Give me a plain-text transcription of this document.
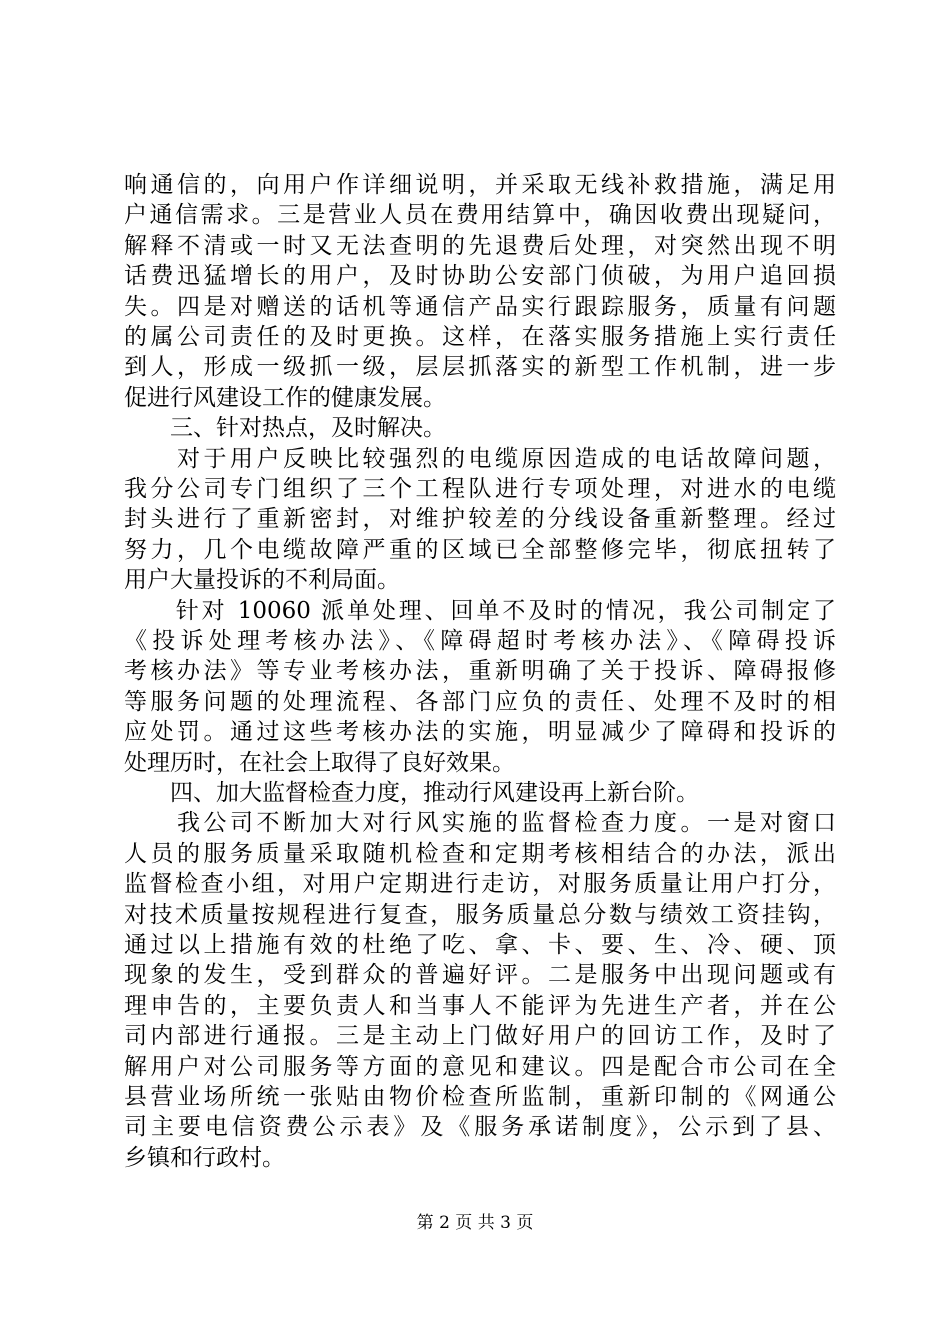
响通信的，向用户作详细说明，并采取无线补救措施，满足用
户通信需求。三是营业人员在费用结算中，确因收费出现疑问，
解释不清或一时又无法查明的先退费后处理，对突然出现不明
话费迅猛增长的用户，及时协助公安部门侦破，为用户追回损
失。四是对赠送的话机等通信产品实行跟踪服务，质量有问题
的属公司责任的及时更换。这样，在落实服务措施上实行责任
到人，形成一级抓一级，层层抓落实的新型工作机制，进一步
促进行风建设工作的健康发展。
　　三、针对热点，及时解决。
　　对于用户反映比较强烈的电缆原因造成的电话故障问题，
我分公司专门组织了三个工程队进行专项处理，对进水的电缆
封头进行了重新密封，对维护较差的分线设备重新整理。经过
努力，几个电缆故障严重的区域已全部整修完毕，彻底扭转了
用户大量投诉的不利局面。
　　针对 10060 派单处理、回单不及时的情况，我公司制定了
《投诉处理考核办法》、《障碍超时考核办法》、《障碍投诉
考核办法》等专业考核办法，重新明确了关于投诉、障碍报修
等服务问题的处理流程、各部门应负的责任、处理不及时的相
应处罚。通过这些考核办法的实施，明显减少了障碍和投诉的
处理历时，在社会上取得了良好效果。
　　四、加大监督检查力度，推动行风建设再上新台阶。
　　我公司不断加大对行风实施的监督检查力度。一是对窗口
人员的服务质量采取随机检查和定期考核相结合的办法，派出
监督检查小组，对用户定期进行走访，对服务质量让用户打分，
对技术质量按规程进行复查，服务质量总分数与绩效工资挂钩，
通过以上措施有效的杜绝了吃、拿、卡、要、生、冷、硬、顶
现象的发生，受到群众的普遍好评。二是服务中出现问题或有
理申告的，主要负责人和当事人不能评为先进生产者，并在公
司内部进行通报。三是主动上门做好用户的回访工作，及时了
解用户对公司服务等方面的意见和建议。四是配合市公司在全
县营业场所统一张贴由物价检查所监制，重新印制的《网通公
司主要电信资费公示表》及《服务承诺制度》，公示到了县、
乡镇和行政村。
第 2 页 共 3 页
